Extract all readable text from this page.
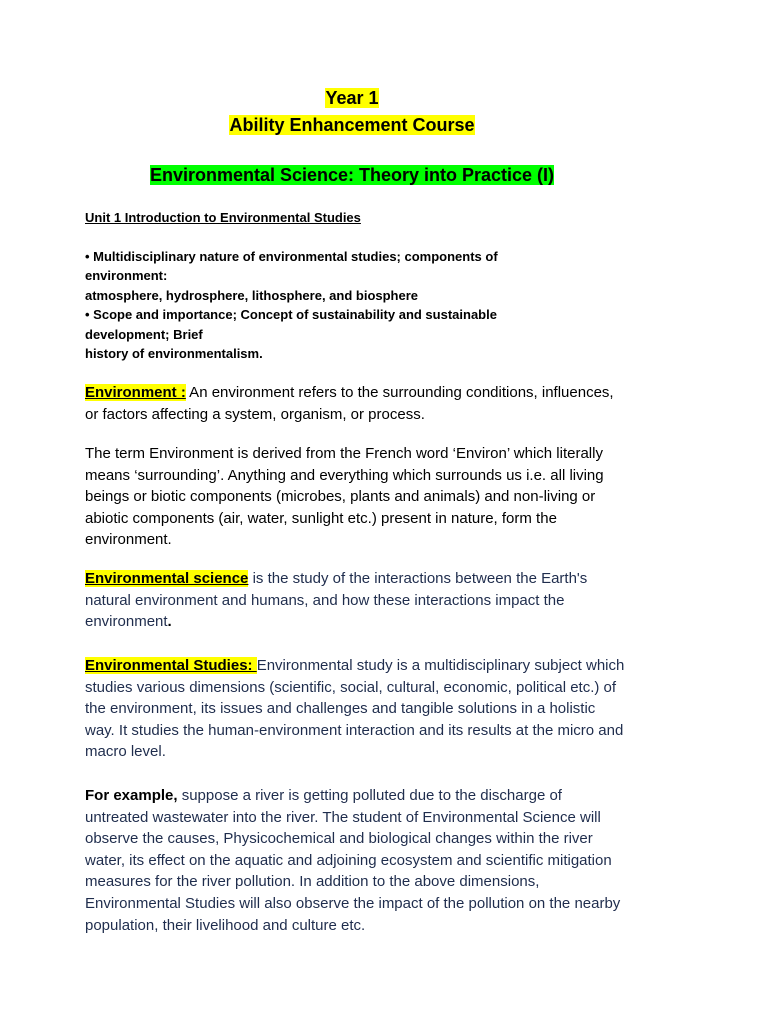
Year 1
Ability Enhancement Course
Environmental Science: Theory into Practice (I)
Unit 1 Introduction to Environmental Studies

• Multidisciplinary nature of environmental studies; components of

environment:

atmosphere, hydrosphere, lithosphere, and biosphere

• Scope and importance; Concept of sustainability and sustainable

development; Brief

history of environmentalism.

Environment : An environment refers to the surrounding conditions, influences, or factors affecting a system, organism, or process.

The term Environment is derived from the French word ‘Environ’ which literally means ‘surrounding’. Anything and everything which surrounds us i.e. all living beings or biotic components (microbes, plants and animals) and non-living or abiotic components (air, water, sunlight etc.) present in nature, form the environment.

Environmental science is the study of the interactions between the Earth's natural environment and humans, and how these interactions impact the environment.

Environmental Studies: Environmental study is a multidisciplinary subject which studies various dimensions (scientific, social, cultural, economic, political etc.) of the environment, its issues and challenges and tangible solutions in a holistic way. It studies the human-environment interaction and its results at the micro and macro level.

For example, suppose a river is getting polluted due to the discharge of untreated wastewater into the river. The student of Environmental Science will observe the causes, Physicochemical and biological changes within the river water, its effect on the aquatic and adjoining ecosystem and scientific mitigation measures for the river pollution. In addition to the above dimensions, Environmental Studies will also observe the impact of the pollution on the nearby population, their livelihood and culture etc.
